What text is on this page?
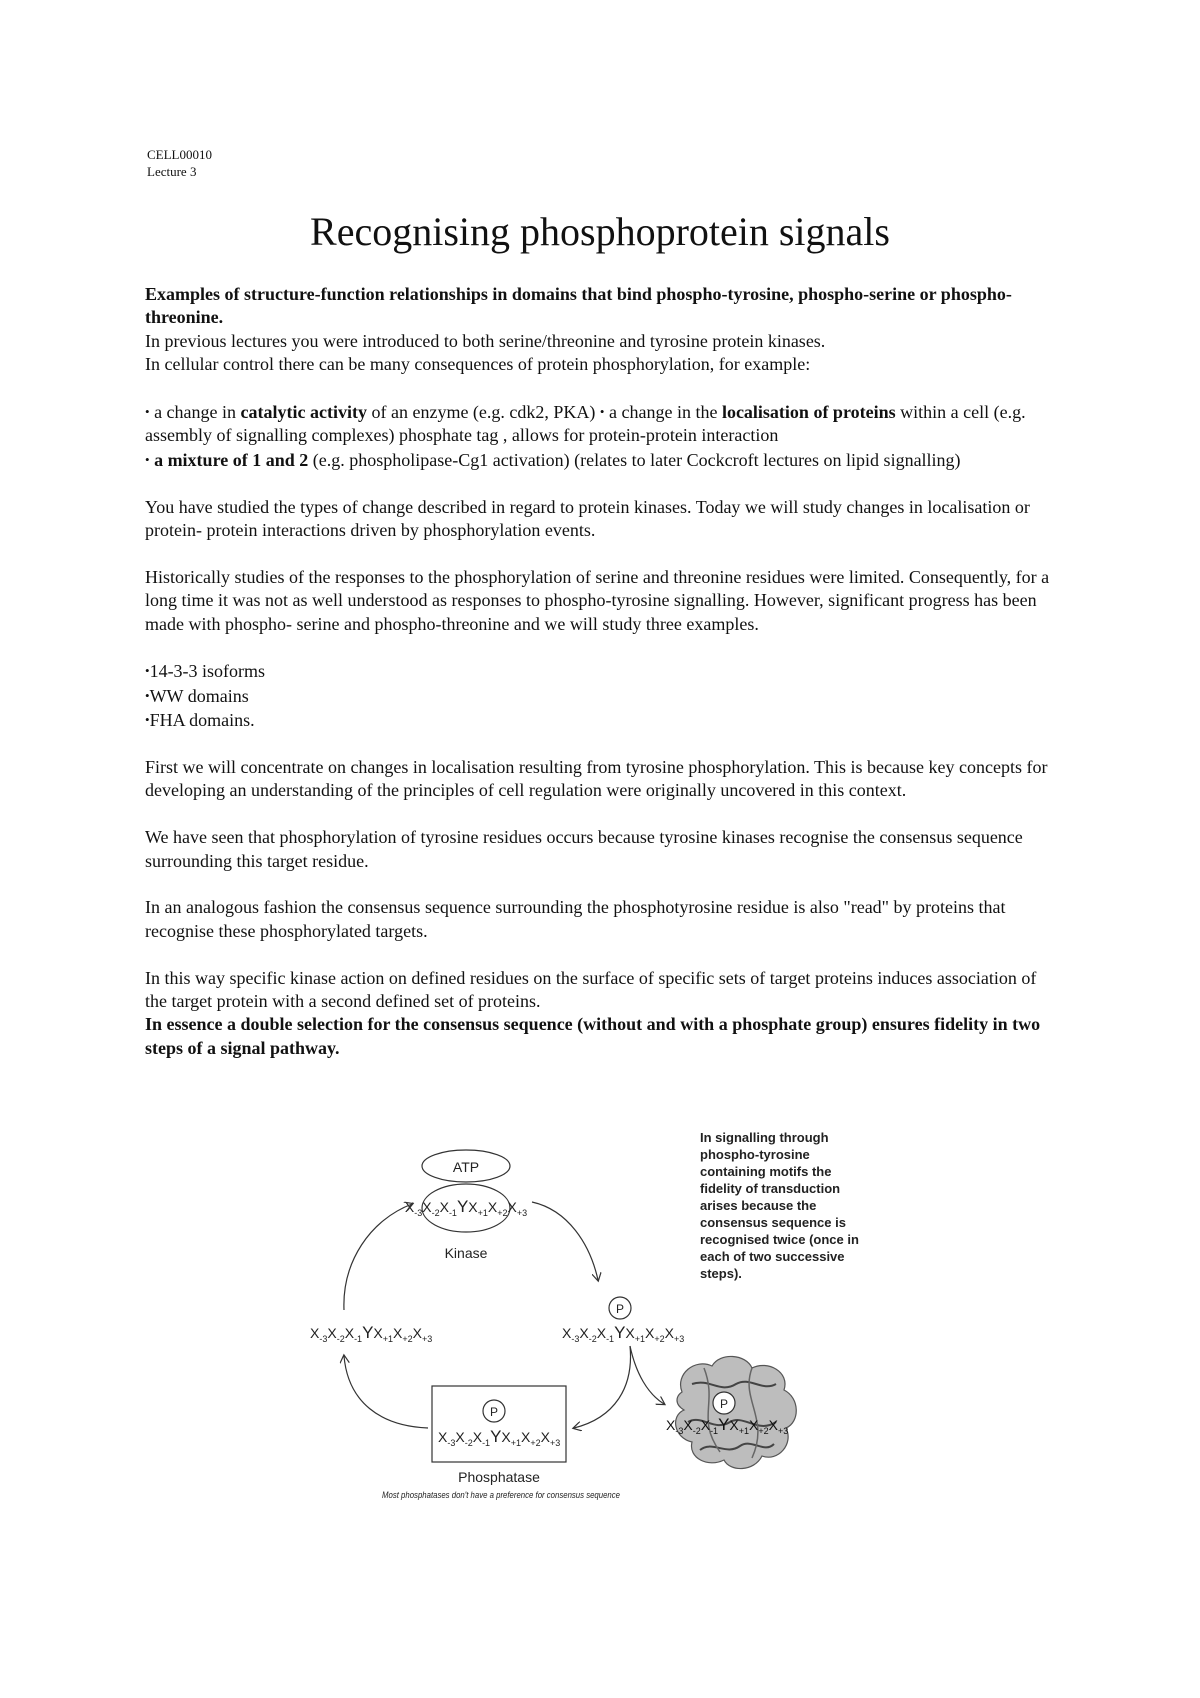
CELL00010
Lecture 3
Recognising phosphoprotein signals

Examples of structure-function relationships in domains that bind phospho-tyrosine, phospho-serine or phospho-threonine.

In previous lectures you were introduced to both serine/threonine and tyrosine protein kinases.

In cellular control there can be many consequences of protein phosphorylation, for example:

• a change in catalytic activity of an enzyme (e.g. cdk2, PKA) • a change in the localisation of proteins within a cell (e.g. assembly of signalling complexes) phosphate tag , allows for protein-protein interaction

• a mixture of 1 and 2 (e.g. phospholipase-Cg1 activation) (relates to later Cockcroft lectures on lipid signalling)

You have studied the types of change described in regard to protein kinases. Today we will study changes in localisation or protein- protein interactions driven by phosphorylation events.

Historically studies of the responses to the phosphorylation of serine and threonine residues were limited. Consequently, for a long time it was not as well understood as responses to phospho-tyrosine signalling. However, significant progress has been made with phospho- serine and phospho-threonine and we will study three examples.

• 14-3-3 isoforms
• WW domains
• FHA domains.

First we will concentrate on changes in localisation resulting from tyrosine phosphorylation. This is because key concepts for developing an understanding of the principles of cell regulation were originally uncovered in this context.

We have seen that phosphorylation of tyrosine residues occurs because tyrosine kinases recognise the consensus sequence surrounding this target residue.

In an analogous fashion the consensus sequence surrounding the phosphotyrosine residue is also "read" by proteins that recognise these phosphorylated targets.

In this way specific kinase action on defined residues on the surface of specific sets of target proteins induces association of the target protein with a second defined set of proteins.

In essence a double selection for the consensus sequence (without and with a phosphate group) ensures fidelity in two steps of a signal pathway.

ATP
$X_{-3}X_{-2}X_{-1}YX_{+1}X_{+2}X_{+3}$
Kinase
In signalling through
phospho-tyrosine
containing motifs the
fidelity of transduction
arises because the
consensus sequence is
recognised twice (once in
each of two successive
steps).
$X_{-3}X_{-2}X_{-1}YX_{+1}X_{+2}X_{+3}$
P
$X_{-3}X_{-2}X_{-1}YX_{+1}X_{+2}X_{+3}$
P
$X_{-3}X_{-2}X_{-1}YX_{+1}X_{+2}X_{+3}$
Phosphatase
Most phosphatases don't have a preference for consensus sequence
P
$X_{-3}X_{-2}X_{-1}YX_{+1}X_{+2}X_{+3}$
